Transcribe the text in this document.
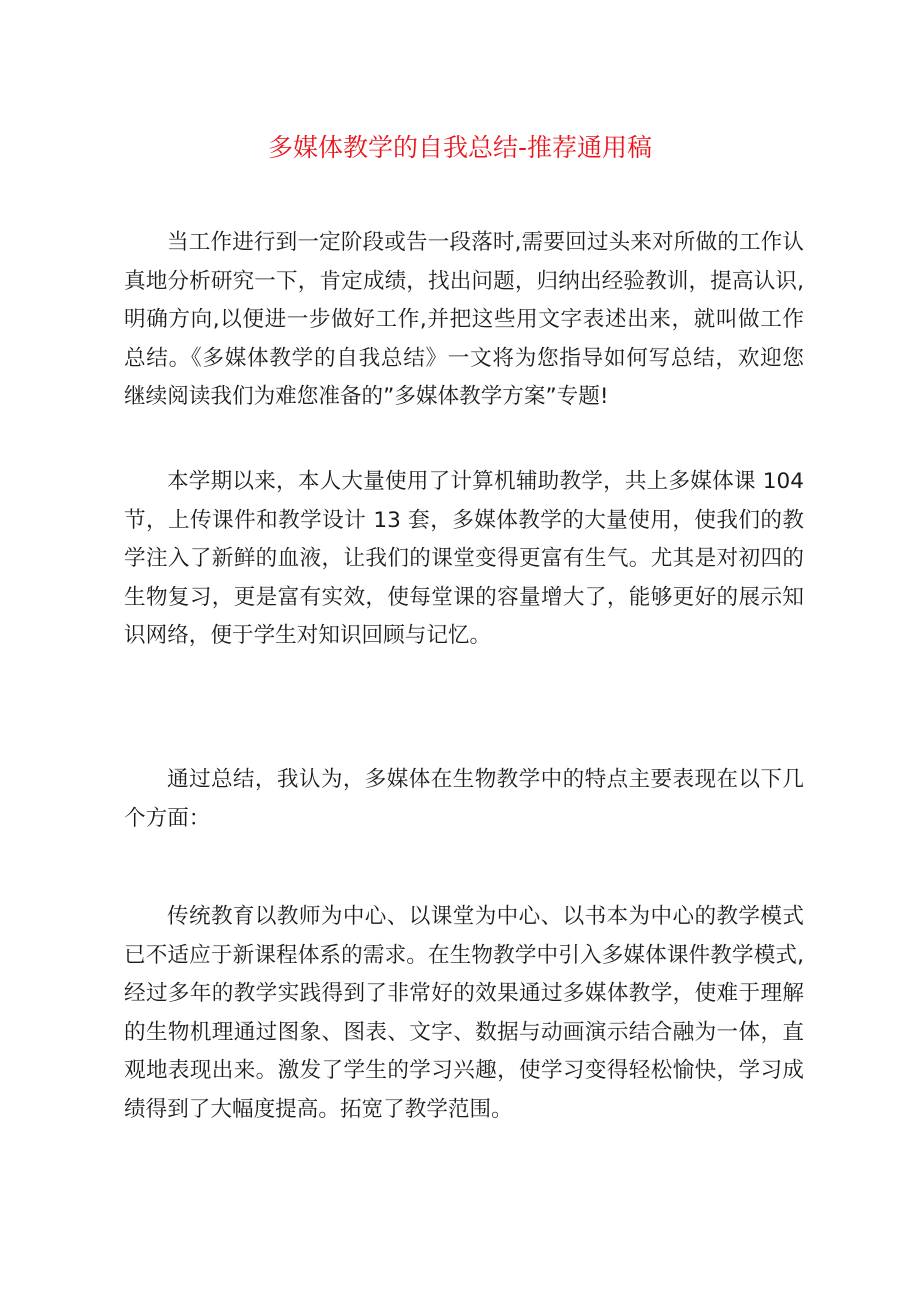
多媒体教学的自我总结-推荐通用稿

当工作进行到一定阶段或告一段落时,需要回过头来对所做的工作认真地分析研究一下，肯定成绩，找出问题，归纳出经验教训，提高认识,明确方向,以便进一步做好工作,并把这些用文字表述出来，就叫做工作总结。《多媒体教学的自我总结》一文将为您指导如何写总结，欢迎您继续阅读我们为难您准备的”多媒体教学方案”专题!

本学期以来，本人大量使用了计算机辅助教学，共上多媒体课 104 节，上传课件和教学设计 13 套，多媒体教学的大量使用，使我们的教学注入了新鲜的血液，让我们的课堂变得更富有生气。尤其是对初四的生物复习，更是富有实效，使每堂课的容量增大了，能够更好的展示知识网络，便于学生对知识回顾与记忆。

通过总结，我认为，多媒体在生物教学中的特点主要表现在以下几个方面：

传统教育以教师为中心、以课堂为中心、以书本为中心的教学模式已不适应于新课程体系的需求。在生物教学中引入多媒体课件教学模式,经过多年的教学实践得到了非常好的效果通过多媒体教学，使难于理解的生物机理通过图象、图表、文字、数据与动画演示结合融为一体，直观地表现出来。激发了学生的学习兴趣，使学习变得轻松愉快，学习成绩得到了大幅度提高。拓宽了教学范围。
